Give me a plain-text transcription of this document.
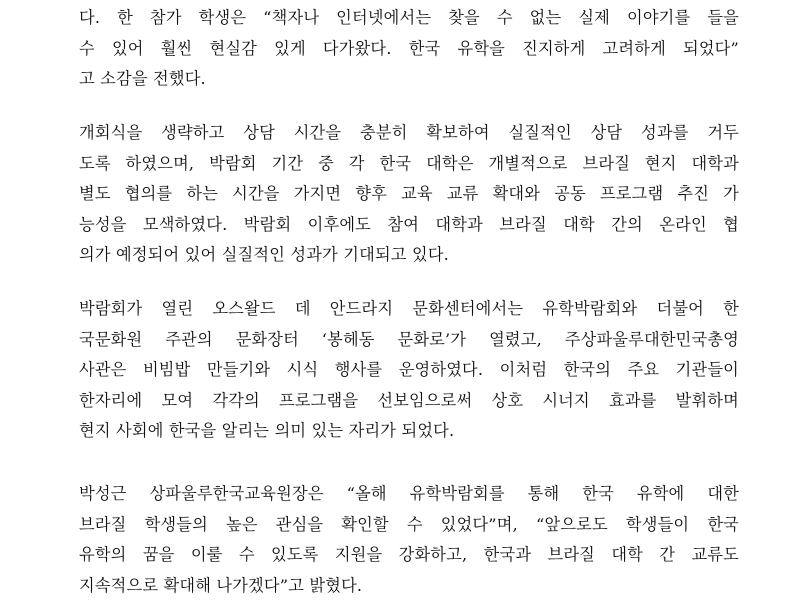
다. 한 참가 학생은 “책자나 인터넷에서는 찾을 수 없는 실제 이야기를 들을
수 있어 훨씬 현실감 있게 다가왔다. 한국 유학을 진지하게 고려하게 되었다”
고 소감을 전했다.
개회식을 생략하고 상담 시간을 충분히 확보하여 실질적인 상담 성과를 거두
도록 하였으며, 박람회 기간 중 각 한국 대학은 개별적으로 브라질 현지 대학과
별도 협의를 하는 시간을 가지면 향후 교육 교류 확대와 공동 프로그램 추진 가
능성을 모색하였다. 박람회 이후에도 참여 대학과 브라질 대학 간의 온라인 협
의가 예정되어 있어 실질적인 성과가 기대되고 있다.
박람회가 열린 오스왈드 데 안드라지 문화센터에서는 유학박람회와 더불어 한
국문화원 주관의 문화장터 ‘봉헤동 문화로’가 열렸고, 주상파울루대한민국총영
사관은 비빔밥 만들기와 시식 행사를 운영하였다. 이처럼 한국의 주요 기관들이
한자리에 모여 각각의 프로그램을 선보임으로써 상호 시너지 효과를 발휘하며
현지 사회에 한국을 알리는 의미 있는 자리가 되었다.
박성근 상파울루한국교육원장은 “올해 유학박람회를 통해 한국 유학에 대한
브라질 학생들의 높은 관심을 확인할 수 있었다”며, “앞으로도 학생들이 한국
유학의 꿈을 이룰 수 있도록 지원을 강화하고, 한국과 브라질 대학 간 교류도
지속적으로 확대해 나가겠다”고 밝혔다.
